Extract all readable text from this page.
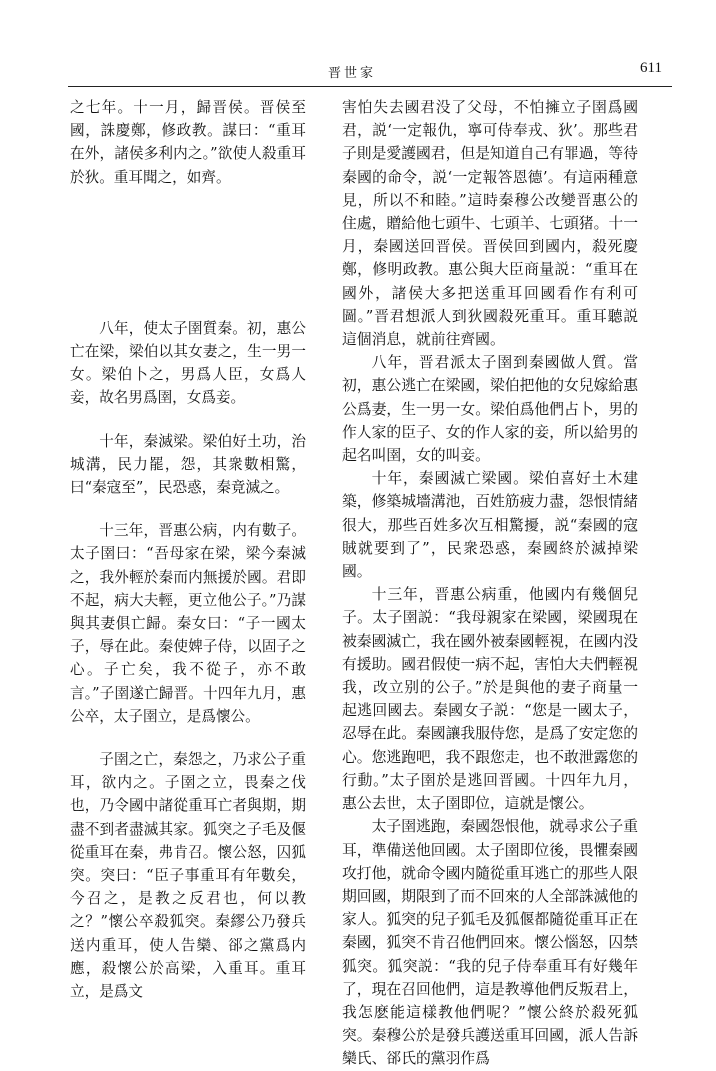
晋世家	611

之七年。十一月，歸晋侯。晋侯至國，誅慶鄭，修政教。謀曰：“重耳在外，諸侯多利内之。”欲使人殺重耳於狄。重耳聞之，如齊。

八年，使太子圉質秦。初，惠公亡在梁，梁伯以其女妻之，生一男一女。梁伯卜之，男爲人臣，女爲人妾，故名男爲圉，女爲妾。

十年，秦滅梁。梁伯好土功，治城溝，民力罷，怨，其衆數相驚，曰“秦寇至”，民恐惑，秦竟滅之。

十三年，晋惠公病，内有數子。太子圉曰：“吾母家在梁，梁今秦滅之，我外輕於秦而内無援於國。君即不起，病大夫輕，更立他公子。”乃謀與其妻俱亡歸。秦女曰：“子一國太子，辱在此。秦使婢子侍，以固子之心。子亡矣，我不從子，亦不敢言。”子圉遂亡歸晋。十四年九月，惠公卒，太子圉立，是爲懷公。

子圉之亡，秦怨之，乃求公子重耳，欲内之。子圉之立，畏秦之伐也，乃令國中諸從重耳亡者與期，期盡不到者盡滅其家。狐突之子毛及偃從重耳在秦，弗肯召。懷公怒，囚狐突。突曰：“臣子事重耳有年數矣，今召之，是教之反君也，何以教之？”懷公卒殺狐突。秦繆公乃發兵送内重耳，使人告欒、郤之黨爲内應，殺懷公於高梁，入重耳。重耳立，是爲文

害怕失去國君没了父母，不怕擁立子圉爲國君，説‘一定報仇，寧可侍奉戎、狄’。那些君子則是愛護國君，但是知道自己有罪過，等待秦國的命令，説‘一定報答恩德’。有這兩種意見，所以不和睦。”這時秦穆公改變晋惠公的住處，贈給他七頭牛、七頭羊、七頭猪。十一月，秦國送回晋侯。晋侯回到國内，殺死慶鄭，修明政教。惠公與大臣商量説：“重耳在國外，諸侯大多把送重耳回國看作有利可圖。”晋君想派人到狄國殺死重耳。重耳聽説這個消息，就前往齊國。

八年，晋君派太子圉到秦國做人質。當初，惠公逃亡在梁國，梁伯把他的女兒嫁給惠公爲妻，生一男一女。梁伯爲他們占卜，男的作人家的臣子、女的作人家的妾，所以給男的起名叫圉，女的叫妾。

十年，秦國滅亡梁國。梁伯喜好土木建築，修築城墻溝池，百姓筋疲力盡，怨恨情緒很大，那些百姓多次互相驚擾，説“秦國的寇賊就要到了”，民衆恐惑，秦國終於滅掉梁國。

十三年，晋惠公病重，他國内有幾個兒子。太子圉説：“我母親家在梁國，梁國現在被秦國滅亡，我在國外被秦國輕視，在國内没有援助。國君假使一病不起，害怕大夫們輕視我，改立别的公子。”於是與他的妻子商量一起逃回國去。秦國女子説：“您是一國太子，忍辱在此。秦國讓我服侍您，是爲了安定您的心。您逃跑吧，我不跟您走，也不敢泄露您的行動。”太子圉於是逃回晋國。十四年九月，惠公去世，太子圉即位，這就是懷公。

太子圉逃跑，秦國怨恨他，就尋求公子重耳，準備送他回國。太子圉即位後，畏懼秦國攻打他，就命令國内隨從重耳逃亡的那些人限期回國，期限到了而不回來的人全部誅滅他的家人。狐突的兒子狐毛及狐偃都隨從重耳正在秦國，狐突不肯召他們回來。懷公惱怒，囚禁狐突。狐突説：“我的兒子侍奉重耳有好幾年了，現在召回他們，這是教導他們反叛君上，我怎麽能這樣教他們呢？”懷公終於殺死狐突。秦穆公於是發兵護送重耳回國，派人告訴欒氏、郤氏的黨羽作爲
